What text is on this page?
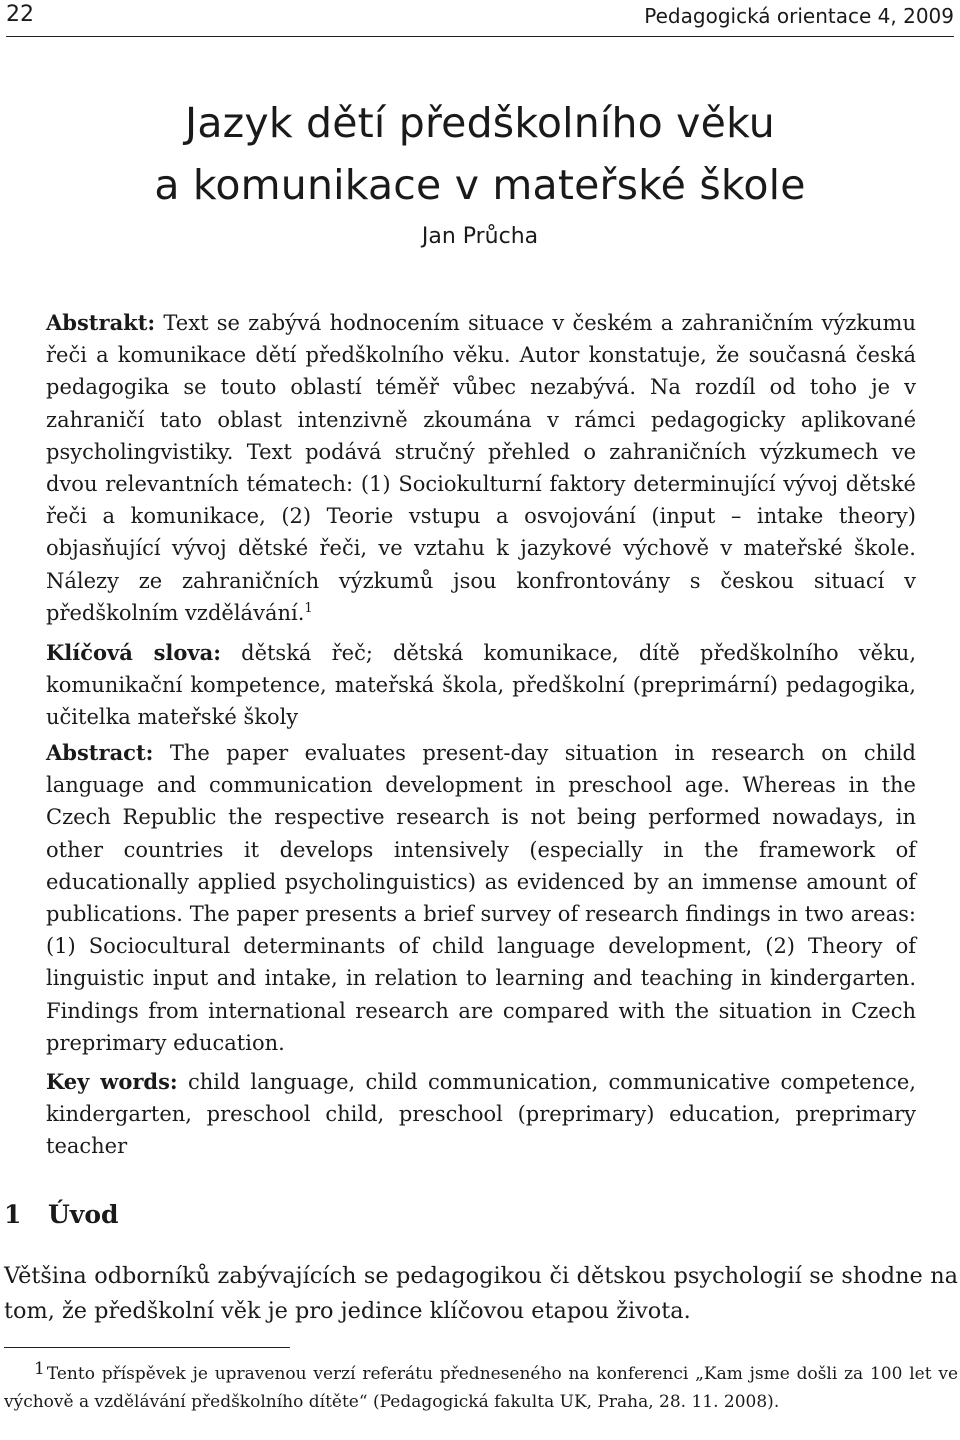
22	Pedagogická orientace 4, 2009
Jazyk dětí předškolního věku
a komunikace v mateřské škole
Jan Průcha

Abstrakt: Text se zabývá hodnocením situace v českém a zahraničním výzkumu řeči a komunikace dětí předškolního věku. Autor konstatuje, že současná česká pedagogika se touto oblastí téměř vůbec nezabývá. Na rozdíl od toho je v zahraničí tato oblast intenzivně zkoumána v rámci pedagogicky aplikované psycholingvistiky. Text podává stručný přehled o zahraničních výzkumech ve dvou relevantních tématech: (1) Sociokulturní faktory determinující vývoj dětské řeči a komunikace, (2) Teorie vstupu a osvojování (input – intake theory) objasňující vývoj dětské řeči, ve vztahu k jazykové výchově v mateřské škole. Nálezy ze zahraničních výzkumů jsou konfrontovány s českou situací v předškolním vzdělávání.$^1$

Klíčová slova: dětská řeč; dětská komunikace, dítě předškolního věku, komunikační kompetence, mateřská škola, předškolní (preprimární) pedagogika, učitelka mateřské školy

Abstract: The paper evaluates present-day situation in research on child language and communication development in preschool age. Whereas in the Czech Republic the respective research is not being performed nowadays, in other countries it develops intensively (especially in the framework of educationally applied psycholinguistics) as evidenced by an immense amount of publications. The paper presents a brief survey of research findings in two areas: (1) Sociocultural determinants of child language development, (2) Theory of linguistic input and intake, in relation to learning and teaching in kindergarten. Findings from international research are compared with the situation in Czech preprimary education.

Key words: child language, child communication, communicative competence, kindergarten, preschool child, preschool (preprimary) education, preprimary teacher

1 Úvod

Většina odborníků zabývajících se pedagogikou či dětskou psychologií se shodne na tom, že předškolní věk je pro jedince klíčovou etapou života.

1 Tento příspěvek je upravenou verzí referátu předneseného na konferenci „Kam jsme došli za 100 let ve výchově a vzdělávání předškolního dítěte“ (Pedagogická fakulta UK, Praha, 28. 11. 2008).
